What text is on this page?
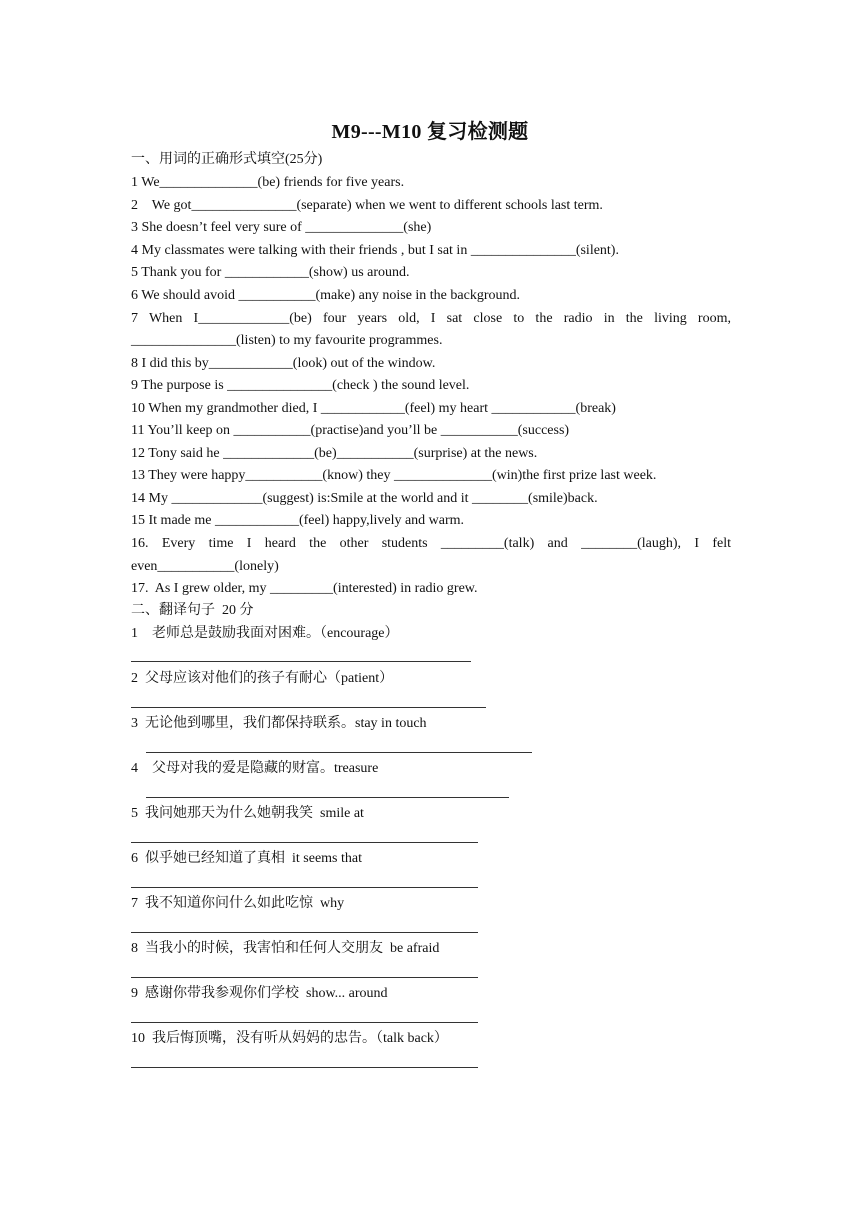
M9---M10 复习检测题
一、用词的正确形式填空(25分)
1 We______________(be) friends for five years.
2    We got_______________(separate) when we went to different schools last term.
3 She doesn’t feel very sure of ______________(she)
4 My classmates were talking with their friends , but I sat in _______________(silent).
5 Thank you for ____________(show) us around.
6 We should avoid ___________(make) any noise in the background.
7 When I_____________(be) four years old, I sat close to the radio in the living room,
_______________(listen) to my favourite programmes.
8 I did this by____________(look) out of the window.
9 The purpose is _______________(check ) the sound level.
10 When my grandmother died, I ____________(feel) my heart ____________(break)
11 You’ll keep on ___________(practise)and you’ll be ___________(success)
12 Tony said he _____________(be)___________(surprise) at the news.
13 They were happy___________(know) they ______________(win)the first prize last week.
14 My _____________(suggest) is:Smile at the world and it ________(smile)back.
15 It made me ____________(feel) happy,lively and warm.
16. Every time I heard the other students _________(talk) and ________(laugh), I felt
even___________(lonely)
17.  As I grew older, my _________(interested) in radio grew.
二、翻译句子  20 分
1    老师总是鼓励我面对困难。（encourage）
2  父母应该对他们的孩子有耐心（patient）
3  无论他到哪里，我们都保持联系。stay in touch
4    父母对我的爱是隐藏的财富。treasure
5  我问她那天为什么她朝我笑  smile at
6  似乎她已经知道了真相  it seems that
7  我不知道你问什么如此吃惊  why
8  当我小的时候，我害怕和任何人交朋友  be afraid
9  感谢你带我参观你们学校  show... around
10  我后悔顶嘴，没有听从妈妈的忠告。（talk back）
